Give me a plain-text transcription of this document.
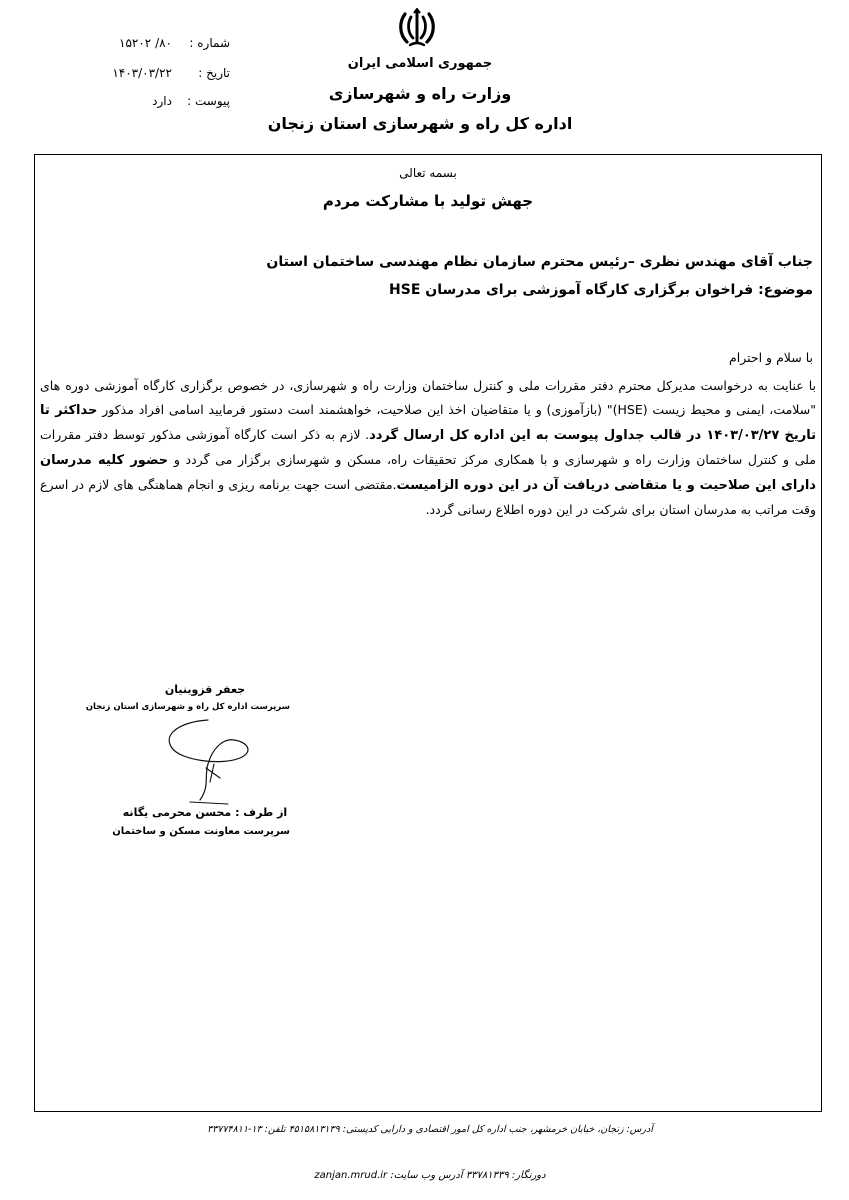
جمهوری اسلامی ایران
وزارت راه و شهرسازی
اداره کل راه و شهرسازی استان زنجان
شماره :
۸۰/ ۱۵۲۰۲
تاریخ :
۱۴۰۳/۰۳/۲۲
پیوست :
دارد
بسمه تعالی
جهش تولید با مشارکت مردم
جناب آقای مهندس نظری –رئیس محترم سازمان نظام مهندسی ساختمان استان
موضوع: فراخوان برگزاری کارگاه آموزشی برای مدرسان HSE
با سلام و احترام
با عنایت به درخواست مدیرکل محترم دفتر مقررات ملی و کنترل ساختمان وزارت راه و شهرسازی، در خصوص برگزاری کارگاه آموزشی دوره های "سلامت، ایمنی و محیط زیست (HSE)" (بازآموزی) و یا متقاضیان اخذ این صلاحیت، خواهشمند است دستور فرمایید اسامی افراد مذکور حداکثر تا تاریخ ۱۴۰۳/۰۳/۲۷ در قالب جداول پیوست به این اداره کل ارسال گردد. لازم به ذکر است کارگاه آموزشی مذکور توسط دفتر مقررات ملی و کنترل ساختمان وزارت راه و شهرسازی و با همکاری مرکز تحقیقات راه، مسکن و شهرسازی برگزار می گردد و حضور کلیه مدرسان دارای این صلاحیت و یا متقاضی دریافت آن در این دوره الزامیست.مقتضی است جهت برنامه ریزی و انجام هماهنگی های لازم در اسرع وقت مراتب به مدرسان استان برای شرکت در این دوره اطلاع رسانی گردد.
جعفر قزوینیان
سرپرست اداره کل راه و شهرسازی استان زنجان
از طرف : محسن محرمی یگانه
سرپرست معاونت مسکن و ساختمان
آدرس: زنجان، خیابان خرمشهر، جنب اداره کل امور اقتصادی و دارایی کدپستی: ۴۵۱۵۸۱۳۱۳۹ تلفن: ۱۳-۳۳۷۷۴۸۱۱
دورنگار: ۳۳۷۸۱۳۳۹ آدرس وب سایت: zanjan.mrud.ir
